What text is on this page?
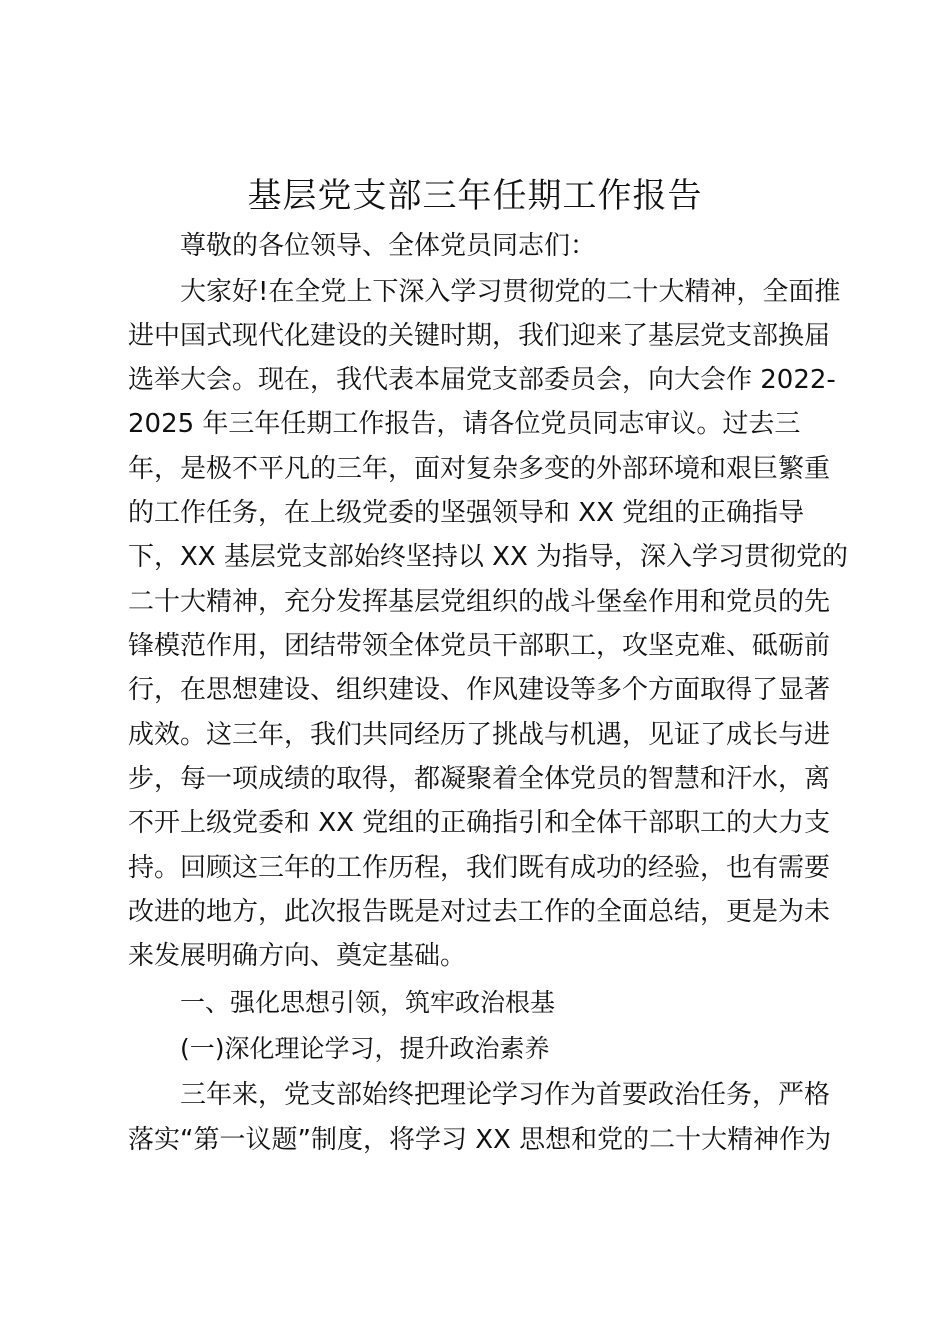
基层党支部三年任期工作报告

尊敬的各位领导、全体党员同志们：

大家好!在全党上下深入学习贯彻党的二十大精神，全面推

进中国式现代化建设的关键时期，我们迎来了基层党支部换届

选举大会。现在，我代表本届党支部委员会，向大会作 2022-

2025 年三年任期工作报告，请各位党员同志审议。过去三

年，是极不平凡的三年，面对复杂多变的外部环境和艰巨繁重

的工作任务，在上级党委的坚强领导和 XX 党组的正确指导

下，XX 基层党支部始终坚持以 XX 为指导，深入学习贯彻党的

二十大精神，充分发挥基层党组织的战斗堡垒作用和党员的先

锋模范作用，团结带领全体党员干部职工，攻坚克难、砥砺前

行，在思想建设、组织建设、作风建设等多个方面取得了显著

成效。这三年，我们共同经历了挑战与机遇，见证了成长与进

步，每一项成绩的取得，都凝聚着全体党员的智慧和汗水，离

不开上级党委和 XX 党组的正确指引和全体干部职工的大力支

持。回顾这三年的工作历程，我们既有成功的经验，也有需要

改进的地方，此次报告既是对过去工作的全面总结，更是为未

来发展明确方向、奠定基础。

一、强化思想引领，筑牢政治根基

(一)深化理论学习，提升政治素养

三年来，党支部始终把理论学习作为首要政治任务，严格

落实“第一议题”制度，将学习 XX 思想和党的二十大精神作为
